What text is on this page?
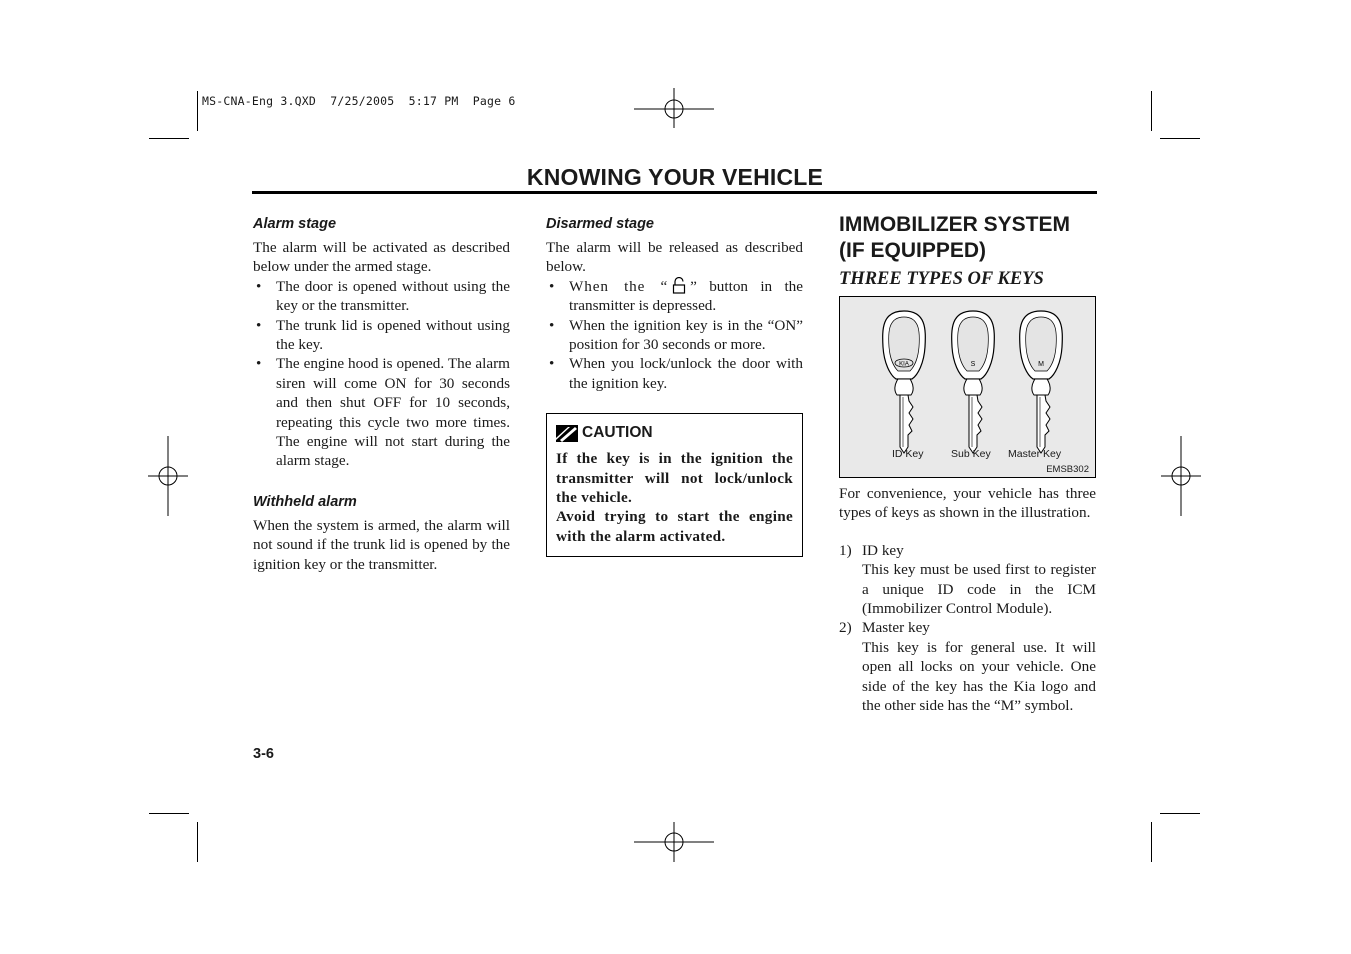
MS-CNA-Eng 3.QXD  7/25/2005  5:17 PM  Page 6
KNOWING YOUR VEHICLE
Alarm stage

The alarm will be activated as described below under the armed stage.

• The door is opened without using the key or the transmitter.
• The trunk lid is opened without using the key.
• The engine hood is opened. The alarm siren will come ON for 30 seconds and then shut OFF for 10 seconds, repeating this cycle two more times. The engine will not start during the alarm stage.
Withheld alarm

When the system is armed, the alarm will not sound if the trunk lid is opened by the ignition key or the transmitter.

Disarmed stage

The alarm will be released as described below.

• When the “ ” button in the transmitter is depressed.
• When the ignition key is in the “ON” position for 30 seconds or more.
• When you lock/unlock the door with the ignition key.
CAUTION

If the key is in the ignition the transmitter will not lock/unlock the vehicle.

Avoid trying to start the engine with the alarm activated.

IMMOBILIZER SYSTEM
(IF EQUIPPED)
THREE TYPES OF KEYS
KIA	S	M
ID Key	Sub Key Master Key
EMSB302

For convenience, your vehicle has three types of keys as shown in the illustration.

1) ID key
This key must be used first to register a unique ID code in the ICM (Immobilizer Control Module).
2) Master key
This key is for general use. It will open all locks on your vehicle. One side of the key has the Kia logo and the other side has the “M” symbol.
3-6
